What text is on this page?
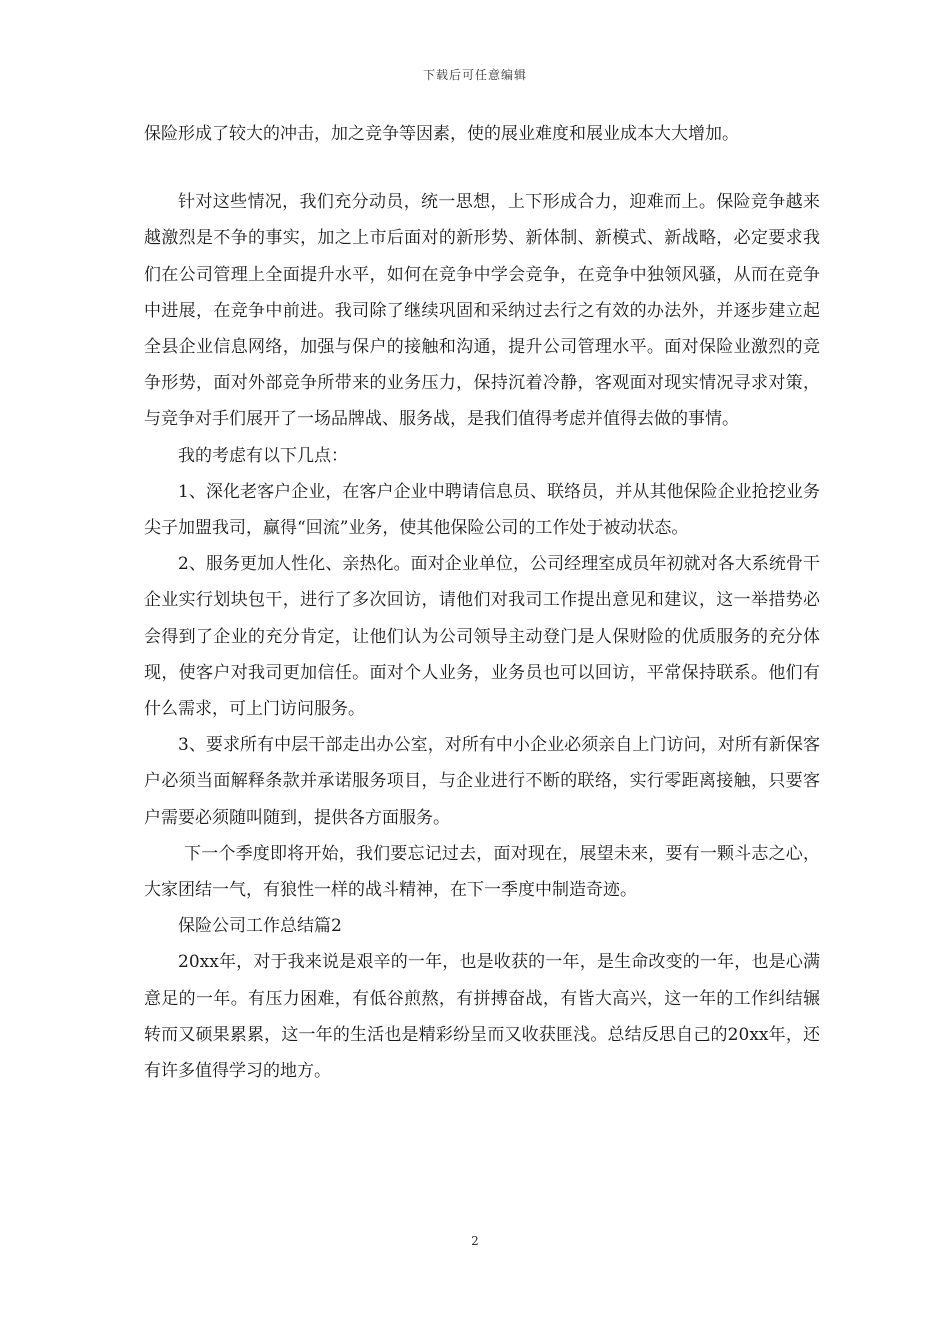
下载后可任意编辑

保险形成了较大的冲击，加之竞争等因素，使的展业难度和展业成本大大增加。

针对这些情况，我们充分动员，统一思想，上下形成合力，迎难而上。保险竞争越来越激烈是不争的事实，加之上市后面对的新形势、新体制、新模式、新战略，必定要求我们在公司管理上全面提升水平，如何在竞争中学会竞争，在竞争中独领风骚，从而在竞争中进展，在竞争中前进。我司除了继续巩固和采纳过去行之有效的办法外，并逐步建立起全县企业信息网络，加强与保户的接触和沟通，提升公司管理水平。面对保险业激烈的竞争形势，面对外部竞争所带来的业务压力，保持沉着冷静，客观面对现实情况寻求对策，与竞争对手们展开了一场品牌战、服务战，是我们值得考虑并值得去做的事情。

我的考虑有以下几点：

1、深化老客户企业，在客户企业中聘请信息员、联络员，并从其他保险企业抢挖业务尖子加盟我司，赢得“回流”业务，使其他保险公司的工作处于被动状态。

2、服务更加人性化、亲热化。面对企业单位，公司经理室成员年初就对各大系统骨干企业实行划块包干，进行了多次回访，请他们对我司工作提出意见和建议，这一举措势必会得到了企业的充分肯定，让他们认为公司领导主动登门是人保财险的优质服务的充分体现，使客户对我司更加信任。面对个人业务，业务员也可以回访，平常保持联系。他们有什么需求，可上门访问服务。

3、要求所有中层干部走出办公室，对所有中小企业必须亲自上门访问，对所有新保客户必须当面解释条款并承诺服务项目，与企业进行不断的联络，实行零距离接触，只要客户需要必须随叫随到，提供各方面服务。

下一个季度即将开始，我们要忘记过去，面对现在，展望未来，要有一颗斗志之心，大家团结一气，有狼性一样的战斗精神，在下一季度中制造奇迹。

保险公司工作总结篇2

20xx年，对于我来说是艰辛的一年，也是收获的一年，是生命改变的一年，也是心满意足的一年。有压力困难，有低谷煎熬，有拼搏奋战，有皆大高兴，这一年的工作纠结辗转而又硕果累累，这一年的生活也是精彩纷呈而又收获匪浅。总结反思自己的20xx年，还有许多值得学习的地方。

2
